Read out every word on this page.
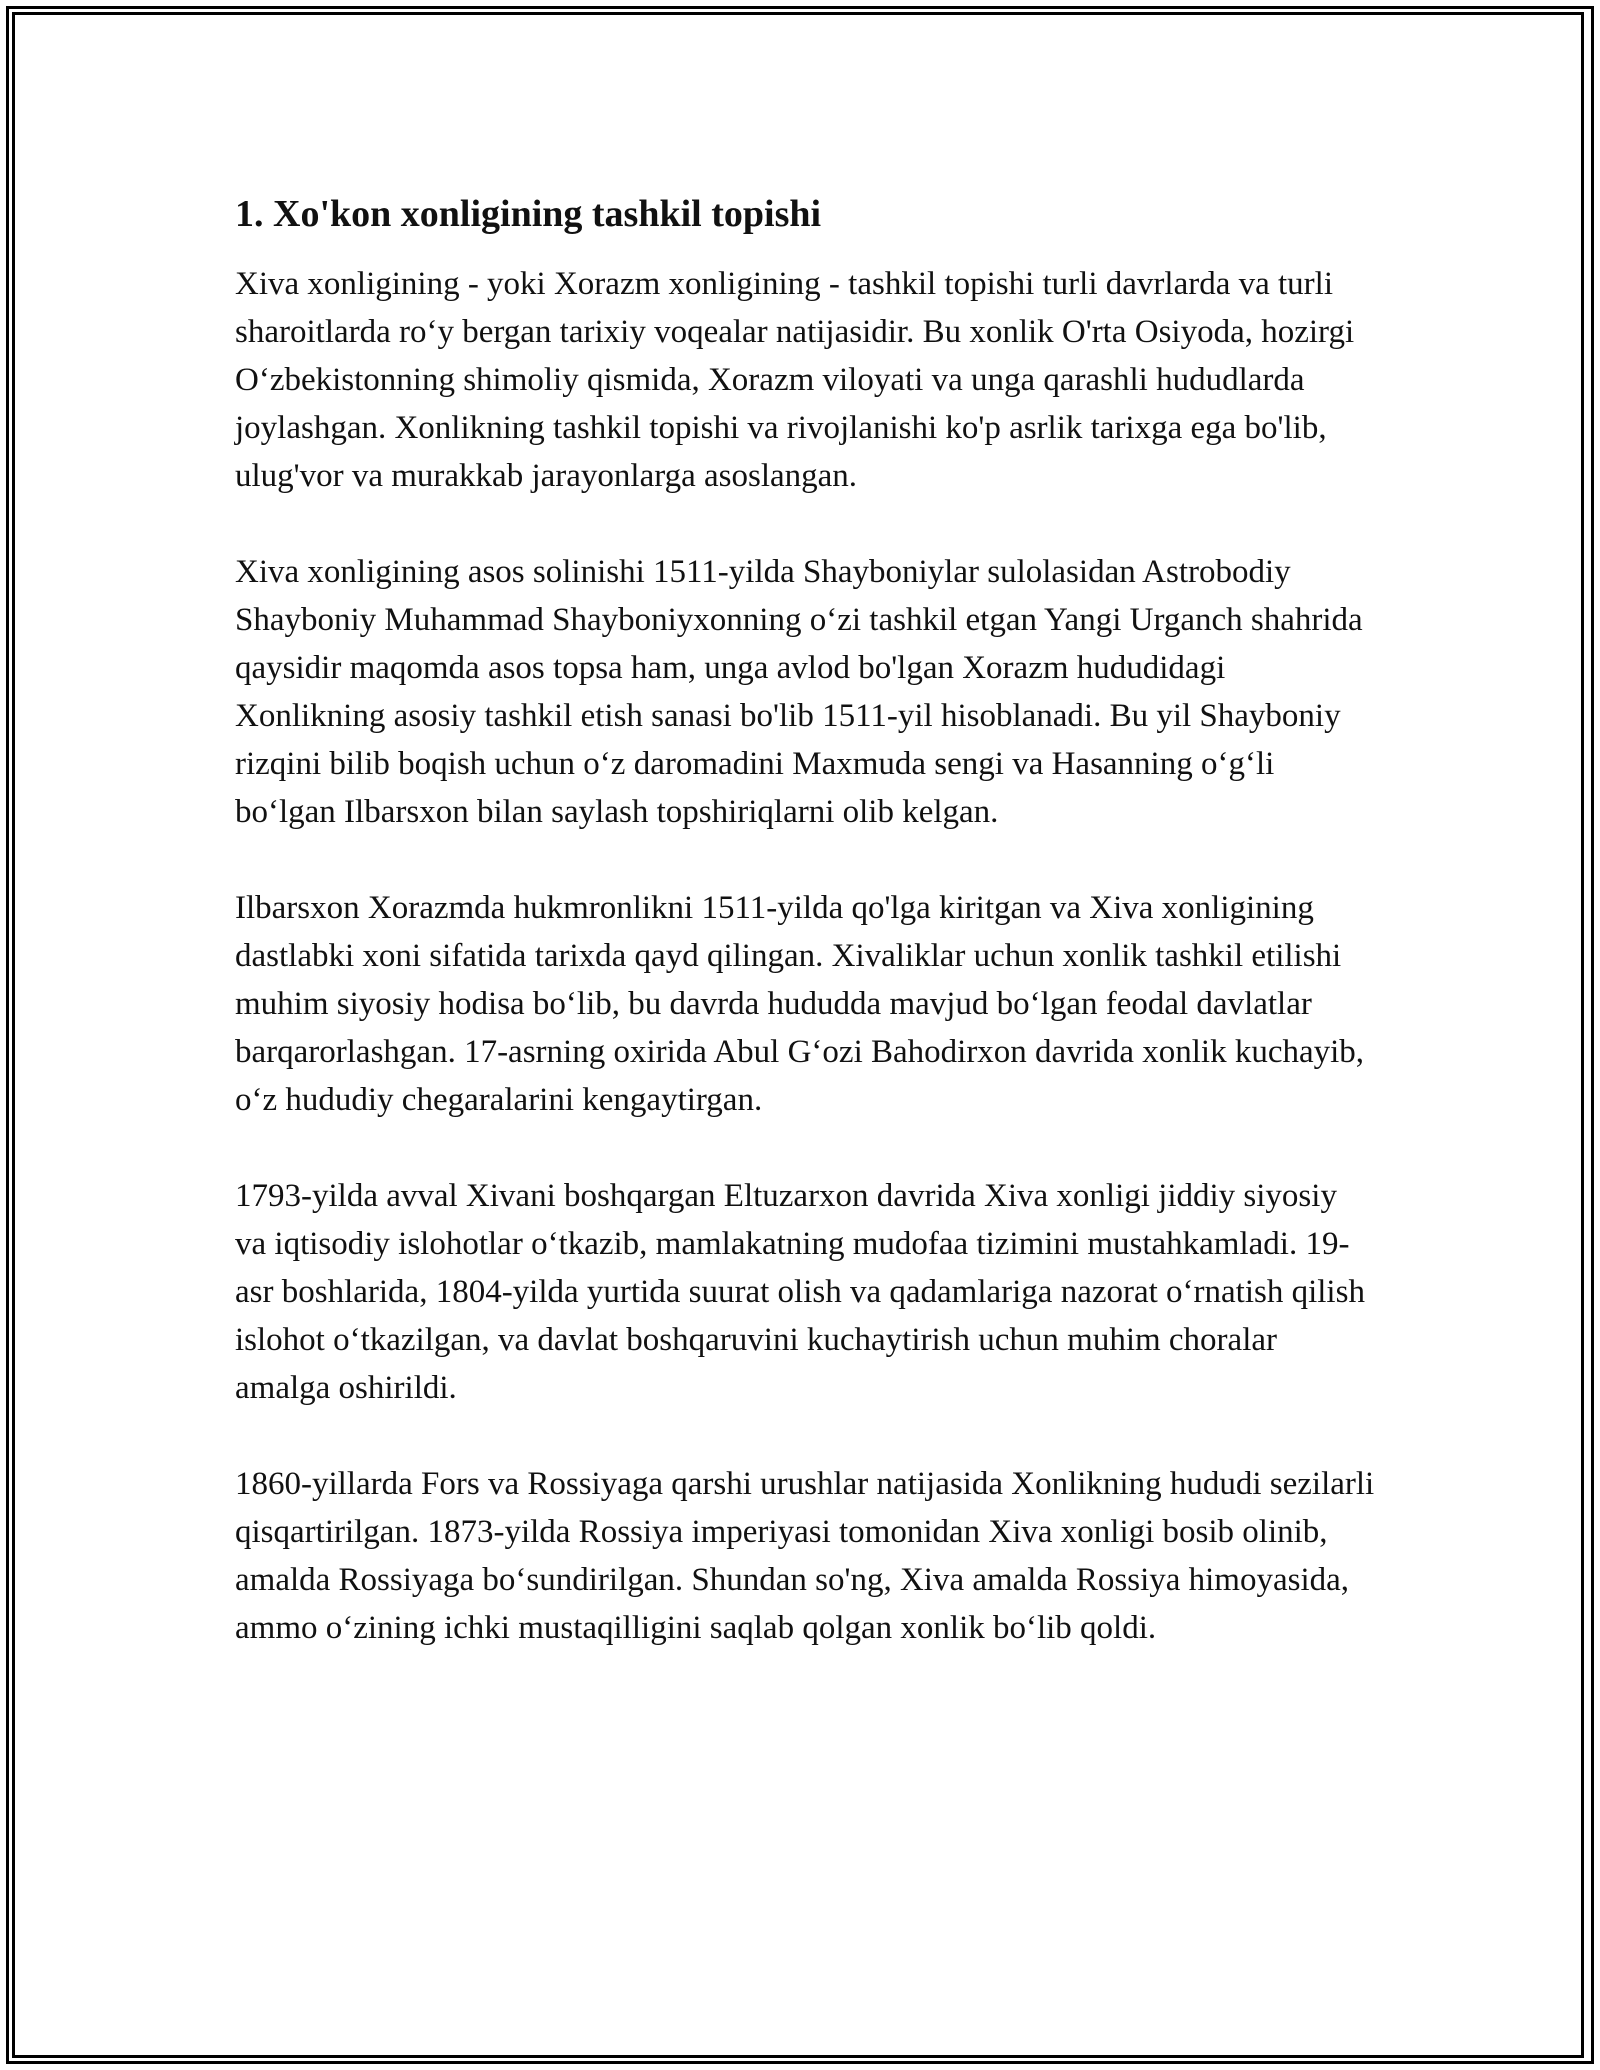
1. Xo'kon xonligining tashkil topishi

Xiva xonligining - yoki Xorazm xonligining - tashkil topishi turli davrlarda va turli sharoitlarda roʻy bergan tarixiy voqealar natijasidir. Bu xonlik O'rta Osiyoda, hozirgi Oʻzbekistonning shimoliy qismida, Xorazm viloyati va unga qarashli hududlarda joylashgan. Xonlikning tashkil topishi va rivojlanishi ko'p asrlik tarixga ega bo'lib, ulug'vor va murakkab jarayonlarga asoslangan.

Xiva xonligining asos solinishi 1511-yilda Shayboniylar sulolasidan Astrobodiy Shayboniy Muhammad Shayboniyxonning oʻzi tashkil etgan Yangi Urganch shahrida qaysidir maqomda asos topsa ham, unga avlod bo'lgan Xorazm hududidagi Xonlikning asosiy tashkil etish sanasi bo'lib 1511-yil hisoblanadi. Bu yil Shayboniy rizqini bilib boqish uchun oʻz daromadini Maxmuda sengi va Hasanning oʻgʻli boʻlgan Ilbarsxon bilan saylash topshiriqlarni olib kelgan.

Ilbarsxon Xorazmda hukmronlikni 1511-yilda qo'lga kiritgan va Xiva xonligining dastlabki xoni sifatida tarixda qayd qilingan. Xivaliklar uchun xonlik tashkil etilishi muhim siyosiy hodisa boʻlib, bu davrda hududda mavjud boʻlgan feodal davlatlar barqarorlashgan. 17-asrning oxirida Abul Gʻozi Bahodirxon davrida xonlik kuchayib, oʻz hududiy chegaralarini kengaytirgan.

1793-yilda avval Xivani boshqargan Eltuzarxon davrida Xiva xonligi jiddiy siyosiy va iqtisodiy islohotlar oʻtkazib, mamlakatning mudofaa tizimini mustahkamladi. 19-asr boshlarida, 1804-yilda yurtida suurat olish va qadamlariga nazorat oʻrnatish qilish islohot oʻtkazilgan, va davlat boshqaruvini kuchaytirish uchun muhim choralar amalga oshirildi.

1860-yillarda Fors va Rossiyaga qarshi urushlar natijasida Xonlikning hududi sezilarli qisqartirilgan. 1873-yilda Rossiya imperiyasi tomonidan Xiva xonligi bosib olinib, amalda Rossiyaga boʻsundirilgan. Shundan so'ng, Xiva amalda Rossiya himoyasida, ammo oʻzining ichki mustaqilligini saqlab qolgan xonlik boʻlib qoldi.
